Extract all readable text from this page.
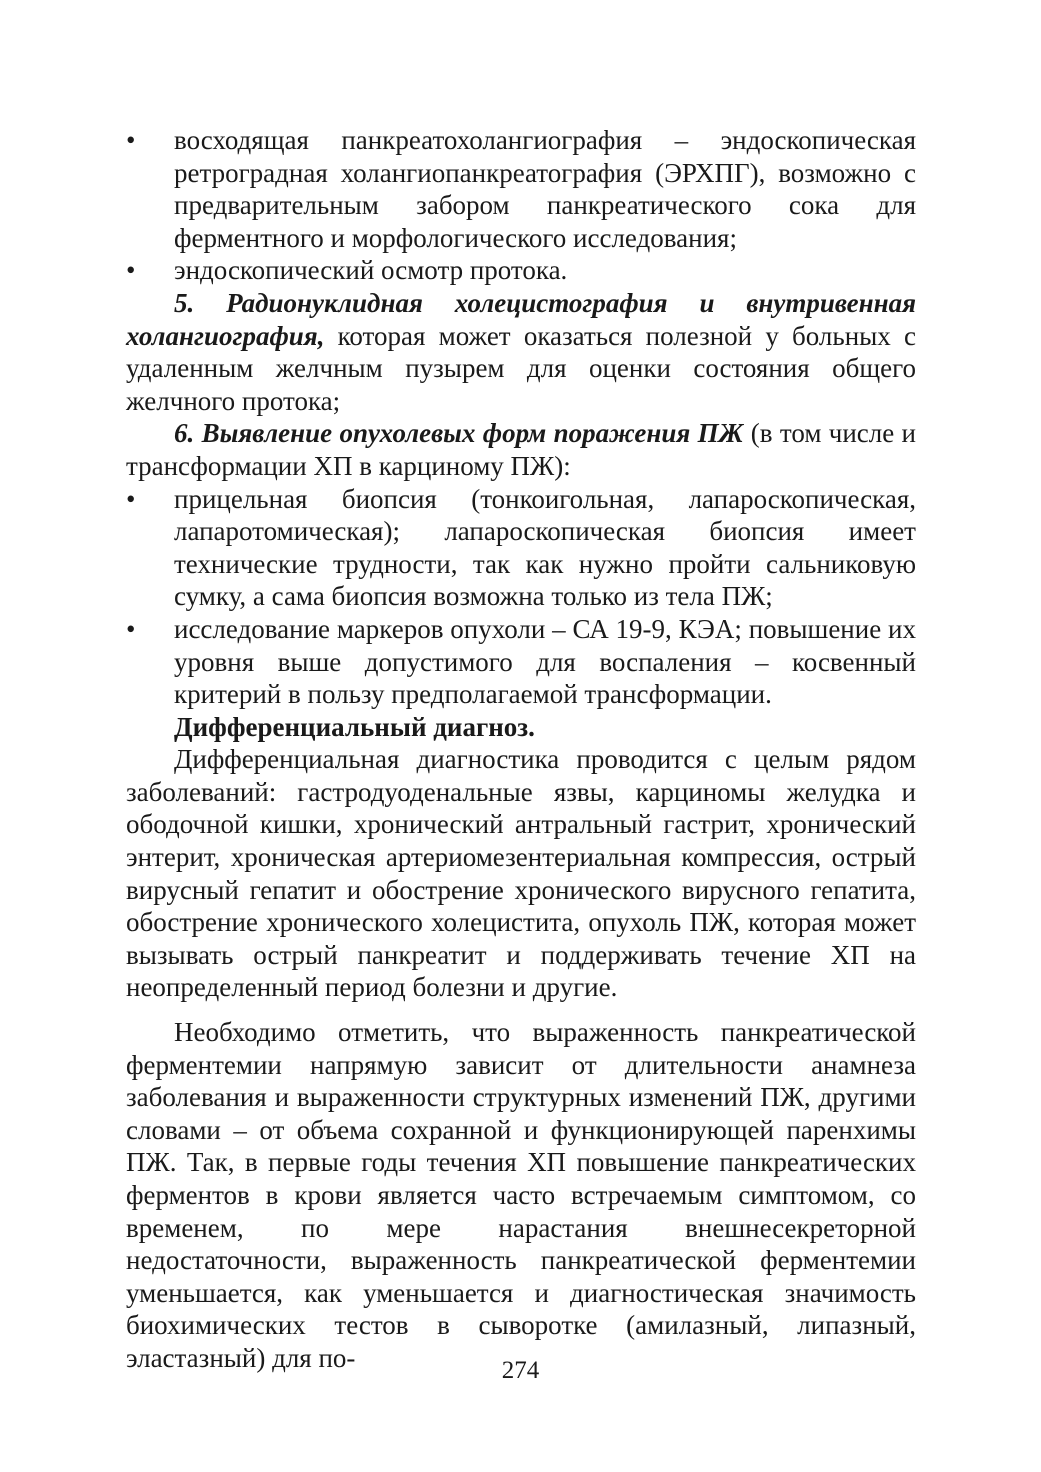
• восходящая панкреатохолангиография – эндоскопическая ретроградная холангиопанкреатография (ЭРХПГ), возможно с предварительным забором панкреатического сока для ферментного и морфологического исследования;
• эндоскопический осмотр протока.

5. Радионуклидная холецистография и внутривенная холангиография, которая может оказаться полезной у больных с удаленным желчным пузырем для оценки состояния общего желчного протока;

6. Выявление опухолевых форм поражения ПЖ (в том числе и трансформации ХП в карциному ПЖ):

• прицельная биопсия (тонкоигольная, лапароскопическая, лапаротомическая); лапароскопическая биопсия имеет технические трудности, так как нужно пройти сальниковую сумку, а сама биопсия возможна только из тела ПЖ;
• исследование маркеров опухоли – СА 19-9, КЭА; повышение их уровня выше допустимого для воспаления – косвенный критерий в пользу предполагаемой трансформации.
Дифференциальный диагноз.

Дифференциальная диагностика проводится с целым рядом заболеваний: гастродуоденальные язвы, карциномы желудка и ободочной кишки, хронический антральный гастрит, хронический энтерит, хроническая артериомезентериальная компрессия, острый вирусный гепатит и обострение хронического вирусного гепатита, обострение хронического холецистита, опухоль ПЖ, которая может вызывать острый панкреатит и поддерживать течение ХП на неопределенный период болезни и другие.

Необходимо отметить, что выраженность панкреатической ферментемии напрямую зависит от длительности анамнеза заболевания и выраженности структурных изменений ПЖ, другими словами – от объема сохранной и функционирующей паренхимы ПЖ. Так, в первые годы течения ХП повышение панкреатических ферментов в крови является часто встречаемым симптомом, со временем, по мере нарастания внешнесекреторной недостаточности, выраженность панкреатической ферментемии уменьшается, как уменьшается и диагностическая значимость биохимических тестов в сыворотке (амилазный, липазный, эластазный) для по-	274
